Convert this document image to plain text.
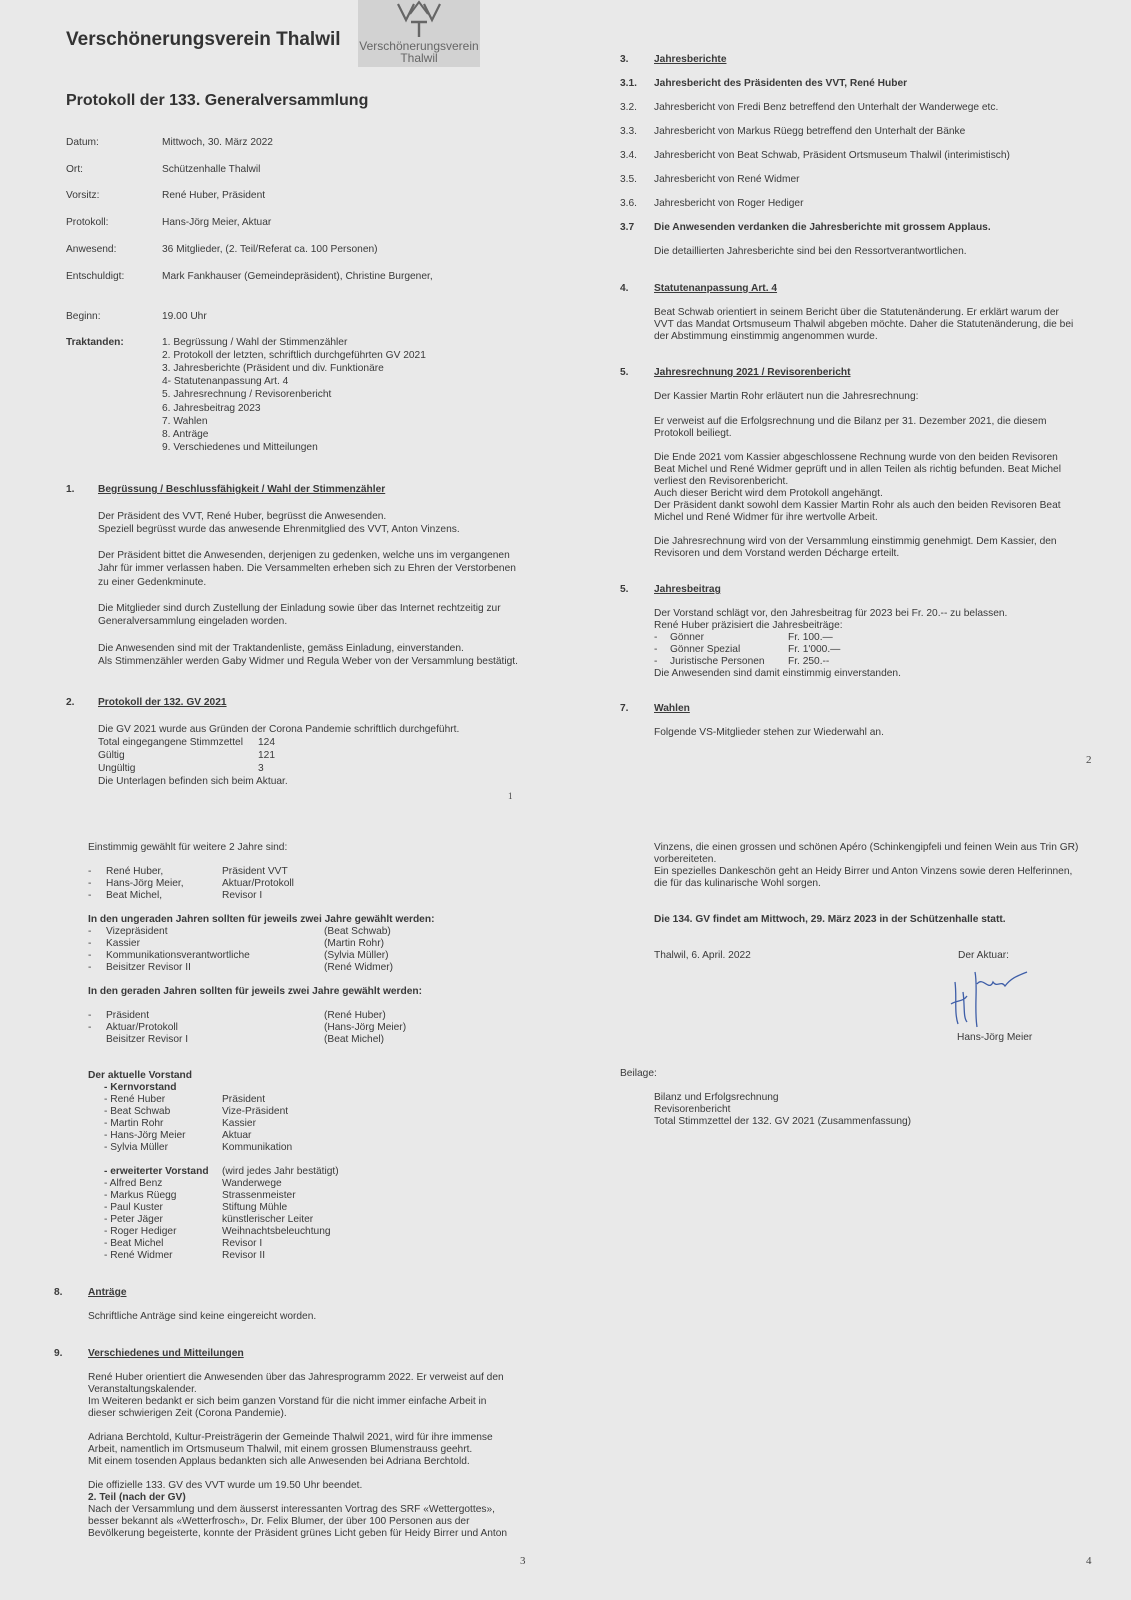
Verschönerungsverein Thalwil Verschönerungsverein
Thalwil
Protokoll der 133. Generalversammlung
Datum:	Mittwoch, 30. März 2022
Ort:	Schützenhalle Thalwil
Vorsitz:	René Huber, Präsident
Protokoll:	Hans-Jörg Meier, Aktuar
Anwesend:	36 Mitglieder, (2. Teil/Referat ca. 100 Personen)
Entschuldigt:	Mark Fankhauser (Gemeindepräsident), Christine Burgener,
Beginn:	19.00 Uhr
Traktanden:	1. Begrüssung / Wahl der Stimmenzähler
2. Protokoll der letzten, schriftlich durchgeführten GV 2021
3. Jahresberichte (Präsident und div. Funktionäre
4- Statutenanpassung Art. 4
5. Jahresrechnung / Revisorenbericht
6. Jahresbeitrag 2023
7. Wahlen
8. Anträge
9. Verschiedenes und Mitteilungen
1. Begrüssung / Beschlussfähigkeit / Wahl der Stimmenzähler
Der Präsident des VVT, René Huber, begrüsst die Anwesenden.
Speziell begrüsst wurde das anwesende Ehrenmitglied des VVT, Anton Vinzens.
Der Präsident bittet die Anwesenden, derjenigen zu gedenken, welche uns im vergangenen
Jahr für immer verlassen haben. Die Versammelten erheben sich zu Ehren der Verstorbenen
zu einer Gedenkminute.
Die Mitglieder sind durch Zustellung der Einladung sowie über das Internet rechtzeitig zur
Generalversammlung eingeladen worden.
Die Anwesenden sind mit der Traktandenliste, gemäss Einladung, einverstanden.
Als Stimmenzähler werden Gaby Widmer und Regula Weber von der Versammlung bestätigt.
2. Protokoll der 132. GV 2021
Die GV 2021 wurde aus Gründen der Corona Pandemie schriftlich durchgeführt.
Total eingegangene Stimmzettel 124
Gültig	121
Ungültig	3
Die Unterlagen befinden sich beim Aktuar.
1
3.	Jahresberichte
3.1. Jahresbericht des Präsidenten des VVT, René Huber
3.2. Jahresbericht von Fredi Benz betreffend den Unterhalt der Wanderwege etc.
3.3. Jahresbericht von Markus Rüegg betreffend den Unterhalt der Bänke
3.4. Jahresbericht von Beat Schwab, Präsident Ortsmuseum Thalwil (interimistisch)
3.5. Jahresbericht von René Widmer
3.6. Jahresbericht von Roger Hediger
3.7 Die Anwesenden verdanken die Jahresberichte mit grossem Applaus.
Die detaillierten Jahresberichte sind bei den Ressortverantwortlichen.
4.	Statutenanpassung Art. 4
Beat Schwab orientiert in seinem Bericht über die Statutenänderung. Er erklärt warum der
VVT das Mandat Ortsmuseum Thalwil abgeben möchte. Daher die Statutenänderung, die bei
der Abstimmung einstimmig angenommen wurde.
5.	Jahresrechnung 2021 / Revisorenbericht
Der Kassier Martin Rohr erläutert nun die Jahresrechnung:
Er verweist auf die Erfolgsrechnung und die Bilanz per 31. Dezember 2021, die diesem
Protokoll beiliegt.
Die Ende 2021 vom Kassier abgeschlossene Rechnung wurde von den beiden Revisoren
Beat Michel und René Widmer geprüft und in allen Teilen als richtig befunden. Beat Michel
verliest den Revisorenbericht.
Auch dieser Bericht wird dem Protokoll angehängt.
Der Präsident dankt sowohl dem Kassier Martin Rohr als auch den beiden Revisoren Beat
Michel und René Widmer für ihre wertvolle Arbeit.
Die Jahresrechnung wird von der Versammlung einstimmig genehmigt. Dem Kassier, den
Revisoren und dem Vorstand werden Décharge erteilt.
5.	Jahresbeitrag
Der Vorstand schlägt vor, den Jahresbeitrag für 2023 bei Fr. 20.-- zu belassen.
René Huber präzisiert die Jahresbeiträge:
- Gönner	Fr. 100.—
- Gönner Spezial	Fr. 1'000.—
- Juristische Personen Fr. 250.--
Die Anwesenden sind damit einstimmig einverstanden.
7.	Wahlen
Folgende VS-Mitglieder stehen zur Wiederwahl an.
2
Einstimmig gewählt für weitere 2 Jahre sind:
- René Huber,	Präsident VVT
- Hans-Jörg Meier,	Aktuar/Protokoll
- Beat Michel,	Revisor I
In den ungeraden Jahren sollten für jeweils zwei Jahre gewählt werden:
- Vizepräsident	(Beat Schwab)
- Kassier	(Martin Rohr)
- Kommunikationsverantwortliche	(Sylvia Müller)
- Beisitzer Revisor II	(René Widmer)
In den geraden Jahren sollten für jeweils zwei Jahre gewählt werden:
- Präsident	(René Huber)
- Aktuar/Protokoll	(Hans-Jörg Meier)
Beisitzer Revisor I	(Beat Michel)
Der aktuelle Vorstand
- Kernvorstand
- René Huber	Präsident
- Beat Schwab	Vize-Präsident
- Martin Rohr	Kassier
- Hans-Jörg Meier	Aktuar
- Sylvia Müller	Kommunikation
- erweiterter Vorstand (wird jedes Jahr bestätigt)
- Alfred Benz	Wanderwege
- Markus Rüegg	Strassenmeister
- Paul Kuster	Stiftung Mühle
- Peter Jäger	künstlerischer Leiter
- Roger Hediger	Weihnachtsbeleuchtung
- Beat Michel	Revisor I
- René Widmer	Revisor II
8.	Anträge
Schriftliche Anträge sind keine eingereicht worden.
9.	Verschiedenes und Mitteilungen
René Huber orientiert die Anwesenden über das Jahresprogramm 2022. Er verweist auf den
Veranstaltungskalender.
Im Weiteren bedankt er sich beim ganzen Vorstand für die nicht immer einfache Arbeit in
dieser schwierigen Zeit (Corona Pandemie).
Adriana Berchtold, Kultur-Preisträgerin der Gemeinde Thalwil 2021, wird für ihre immense
Arbeit, namentlich im Ortsmuseum Thalwil, mit einem grossen Blumenstrauss geehrt.
Mit einem tosenden Applaus bedankten sich alle Anwesenden bei Adriana Berchtold.
Die offizielle 133. GV des VVT wurde um 19.50 Uhr beendet.
2. Teil (nach der GV)
Nach der Versammlung und dem äusserst interessanten Vortrag des SRF «Wettergottes»,
besser bekannt als «Wetterfrosch», Dr. Felix Blumer, der über 100 Personen aus der
Bevölkerung begeisterte, konnte der Präsident grünes Licht geben für Heidy Birrer und Anton
3
Vinzens, die einen grossen und schönen Apéro (Schinkengipfeli und feinen Wein aus Trin GR)
vorbereiteten.
Ein spezielles Dankeschön geht an Heidy Birrer und Anton Vinzens sowie deren Helferinnen,
die für das kulinarische Wohl sorgen.
Die 134. GV findet am Mittwoch, 29. März 2023 in der Schützenhalle statt.
Thalwil, 6. April. 2022	Der Aktuar:
Hans-Jörg Meier
Beilage:
Bilanz und Erfolgsrechnung
Revisorenbericht
Total Stimmzettel der 132. GV 2021 (Zusammenfassung)
4
